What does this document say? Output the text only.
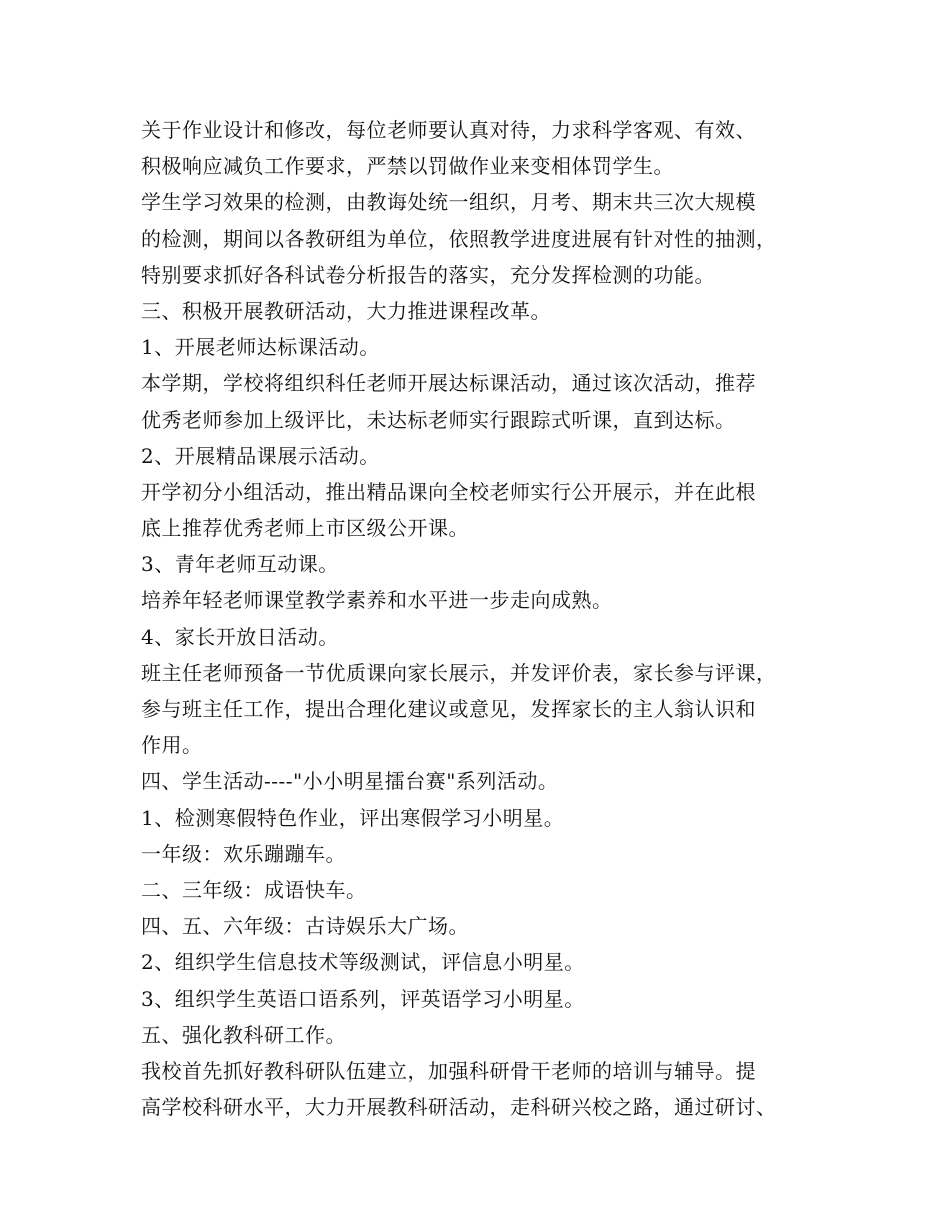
关于作业设计和修改，每位老师要认真对待，力求科学客观、有效、

积极响应减负工作要求，严禁以罚做作业来变相体罚学生。

学生学习效果的检测，由教诲处统一组织，月考、期末共三次大规模

的检测，期间以各教研组为单位，依照教学进度进展有针对性的抽测，

特别要求抓好各科试卷分析报告的落实，充分发挥检测的功能。

三、积极开展教研活动，大力推进课程改革。

1、开展老师达标课活动。

本学期，学校将组织科任老师开展达标课活动，通过该次活动，推荐

优秀老师参加上级评比，未达标老师实行跟踪式听课，直到达标。

2、开展精品课展示活动。

开学初分小组活动，推出精品课向全校老师实行公开展示，并在此根

底上推荐优秀老师上市区级公开课。

3、青年老师互动课。

培养年轻老师课堂教学素养和水平进一步走向成熟。

4、家长开放日活动。

班主任老师预备一节优质课向家长展示，并发评价表，家长参与评课，

参与班主任工作，提出合理化建议或意见，发挥家长的主人翁认识和

作用。

四、学生活动----"小小明星擂台赛"系列活动。

1、检测寒假特色作业，评出寒假学习小明星。

一年级：欢乐蹦蹦车。

二、三年级：成语快车。

四、五、六年级：古诗娱乐大广场。

2、组织学生信息技术等级测试，评信息小明星。

3、组织学生英语口语系列，评英语学习小明星。

五、强化教科研工作。

我校首先抓好教科研队伍建立，加强科研骨干老师的培训与辅导。提

高学校科研水平，大力开展教科研活动，走科研兴校之路，通过研讨、
